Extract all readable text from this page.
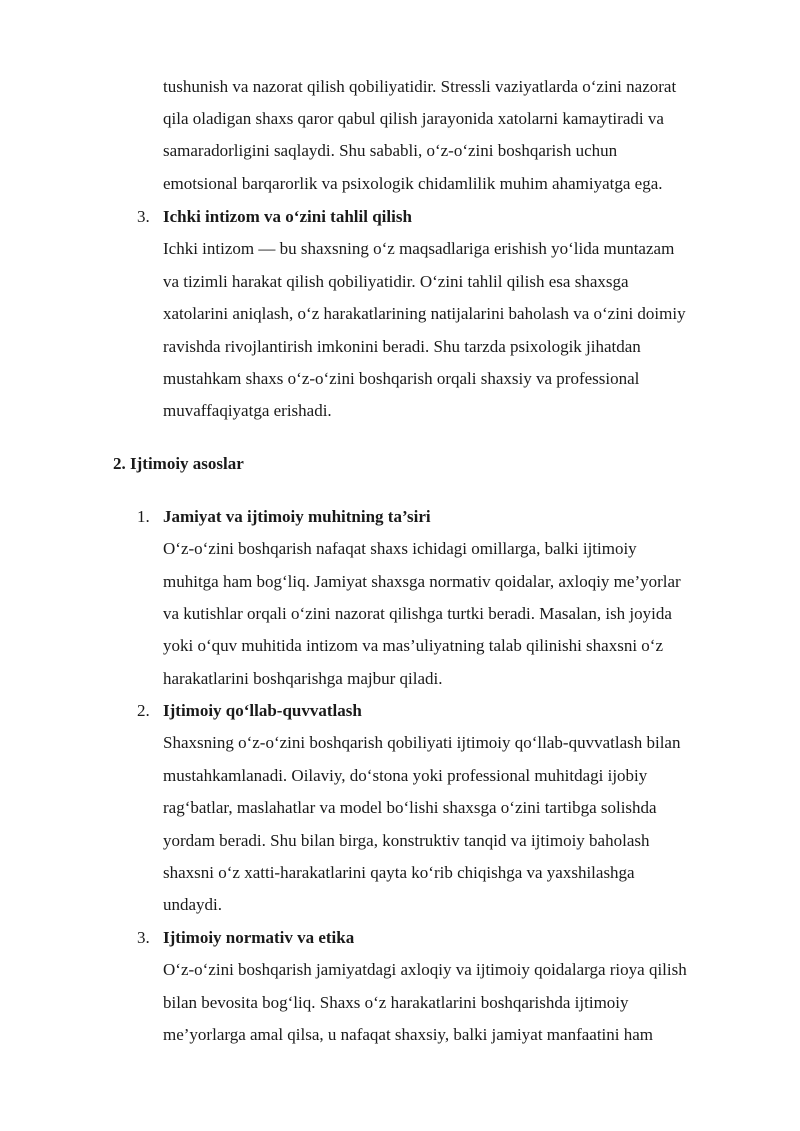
tushunish va nazorat qilish qobiliyatidir. Stressli vaziyatlarda o‘zini nazorat
qila oladigan shaxs qaror qabul qilish jarayonida xatolarni kamaytiradi va
samaradorligini saqlaydi. Shu sababli, o‘z-o‘zini boshqarish uchun
emotsional barqarorlik va psixologik chidamlilik muhim ahamiyatga ega.
3. Ichki intizom va o‘zini tahlil qilish
Ichki intizom — bu shaxsning o‘z maqsadlariga erishish yo‘lida muntazam
va tizimli harakat qilish qobiliyatidir. O‘zini tahlil qilish esa shaxsga
xatolarini aniqlash, o‘z harakatlarining natijalarini baholash va o‘zini doimiy
ravishda rivojlantirish imkonini beradi. Shu tarzda psixologik jihatdan
mustahkam shaxs o‘z-o‘zini boshqarish orqali shaxsiy va professional
muvaffaqiyatga erishadi.
2. Ijtimoiy asoslar
1. Jamiyat va ijtimoiy muhitning ta’siri
O‘z-o‘zini boshqarish nafaqat shaxs ichidagi omillarga, balki ijtimoiy
muhitga ham bog‘liq. Jamiyat shaxsga normativ qoidalar, axloqiy me’yorlar
va kutishlar orqali o‘zini nazorat qilishga turtki beradi. Masalan, ish joyida
yoki o‘quv muhitida intizom va mas’uliyatning talab qilinishi shaxsni o‘z
harakatlarini boshqarishga majbur qiladi.
2. Ijtimoiy qo‘llab-quvvatlash
Shaxsning o‘z-o‘zini boshqarish qobiliyati ijtimoiy qo‘llab-quvvatlash bilan
mustahkamlanadi. Oilaviy, do‘stona yoki professional muhitdagi ijobiy
rag‘batlar, maslahatlar va model bo‘lishi shaxsga o‘zini tartibga solishda
yordam beradi. Shu bilan birga, konstruktiv tanqid va ijtimoiy baholash
shaxsni o‘z xatti-harakatlarini qayta ko‘rib chiqishga va yaxshilashga
undaydi.
3. Ijtimoiy normativ va etika
O‘z-o‘zini boshqarish jamiyatdagi axloqiy va ijtimoiy qoidalarga rioya qilish
bilan bevosita bog‘liq. Shaxs o‘z harakatlarini boshqarishda ijtimoiy
me’yorlarga amal qilsa, u nafaqat shaxsiy, balki jamiyat manfaatini ham
